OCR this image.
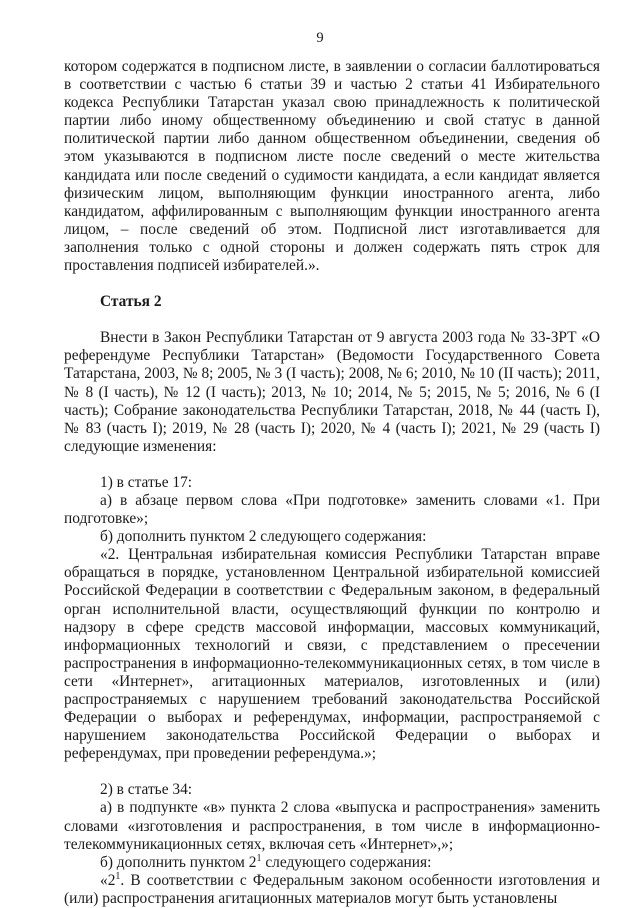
9

котором содержатся в подписном листе, в заявлении о согласии баллотироваться в соответствии с частью 6 статьи 39 и частью 2 статьи 41 Избирательного кодекса Республики Татарстан указал свою принадлежность к политической партии либо иному общественному объединению и свой статус в данной политической партии либо данном общественном объединении, сведения об этом указываются в подписном листе после сведений о месте жительства кандидата или после сведений о судимости кандидата, а если кандидат является физическим лицом, выполняющим функции иностранного агента, либо кандидатом, аффилированным с выполняющим функции иностранного агента лицом, – после сведений об этом. Подписной лист изготавливается для заполнения только с одной стороны и должен содержать пять строк для проставления подписей избирателей.».

Статья 2

Внести в Закон Республики Татарстан от 9 августа 2003 года № 33-ЗРТ «О референдуме Республики Татарстан» (Ведомости Государственного Совета Татарстана, 2003, № 8; 2005, № 3 (I часть); 2008, № 6; 2010, № 10 (II часть); 2011, № 8 (I часть), № 12 (I часть); 2013, № 10; 2014, № 5; 2015, № 5; 2016, № 6 (I часть); Собрание законодательства Республики Татарстан, 2018, № 44 (часть I), № 83 (часть I); 2019, № 28 (часть I); 2020, № 4 (часть I); 2021, № 29 (часть I) следующие изменения:

1) в статье 17:

а) в абзаце первом слова «При подготовке» заменить словами «1. При подготовке»;

б) дополнить пунктом 2 следующего содержания:

«2. Центральная избирательная комиссия Республики Татарстан вправе обращаться в порядке, установленном Центральной избирательной комиссией Российской Федерации в соответствии с Федеральным законом, в федеральный орган исполнительной власти, осуществляющий функции по контролю и надзору в сфере средств массовой информации, массовых коммуникаций, информационных технологий и связи, с представлением о пресечении распространения в информационно-телекоммуникационных сетях, в том числе в сети «Интернет», агитационных материалов, изготовленных и (или) распространяемых с нарушением требований законодательства Российской Федерации о выборах и референдумах, информации, распространяемой с нарушением законодательства Российской Федерации о выборах и референдумах, при проведении референдума.»;

2) в статье 34:

а) в подпункте «в» пункта 2 слова «выпуска и распространения» заменить словами «изготовления и распространения, в том числе в информационно-телекоммуникационных сетях, включая сеть «Интернет»,»;

б) дополнить пунктом $2^1$ следующего содержания:

«$2^1$. В соответствии с Федеральным законом особенности изготовления и (или) распространения агитационных материалов могут быть установлены
